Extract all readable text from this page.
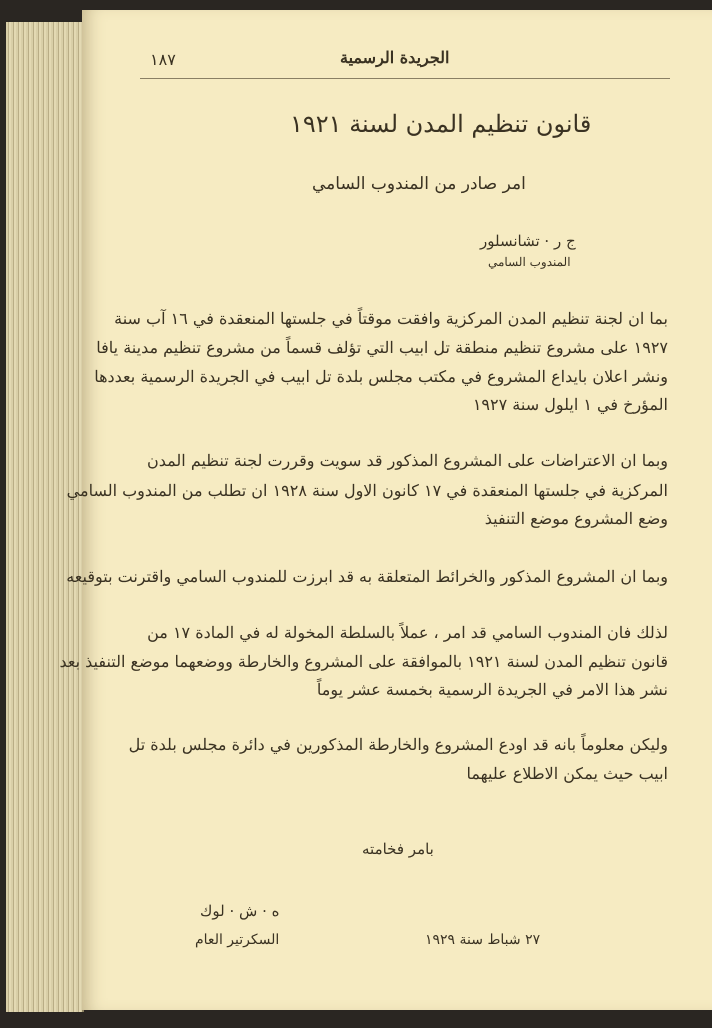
١٨٧	الجريدة الرسمية
قانون تنظيم المدن لسنة ١٩٢١
امر صادر من المندوب السامي
ج ر · تشانسلور
المندوب السامي
بما ان لجنة تنظيم المدن المركزية وافقت موقتاً في جلستها المنعقدة في ١٦ آب سنة
١٩٢٧ على مشروع تنظيم منطقة تل ابيب التي تؤلف قسماً من مشروع تنظيم مدينة يافا
ونشر اعلان بايداع المشروع في مكتب مجلس بلدة تل ابيب في الجريدة الرسمية بعددها
المؤرخ في ١ ايلول سنة ١٩٢٧
وبما ان الاعتراضات على المشروع المذكور قد سويت وقررت لجنة تنظيم المدن
المركزية في جلستها المنعقدة في ١٧ كانون الاول سنة ١٩٢٨ ان تطلب من المندوب السامي
وضع المشروع موضع التنفيذ
وبما ان المشروع المذكور والخرائط المتعلقة به قد ابرزت للمندوب السامي واقترنت بتوقيعه
لذلك فان المندوب السامي قد امر ، عملاً بالسلطة المخولة له في المادة ١٧ من
قانون تنظيم المدن لسنة ١٩٢١ بالموافقة على المشروع والخارطة ووضعهما موضع التنفيذ بعد
نشر هذا الامر في الجريدة الرسمية بخمسة عشر يوماً
وليكن معلوماً بانه قد اودع المشروع والخارطة المذكورين في دائرة مجلس بلدة تل
ابيب حيث يمكن الاطلاع عليهما
بامر فخامته
ه · ش · لوك
السكرتير العام	٢٧ شباط سنة ١٩٢٩
